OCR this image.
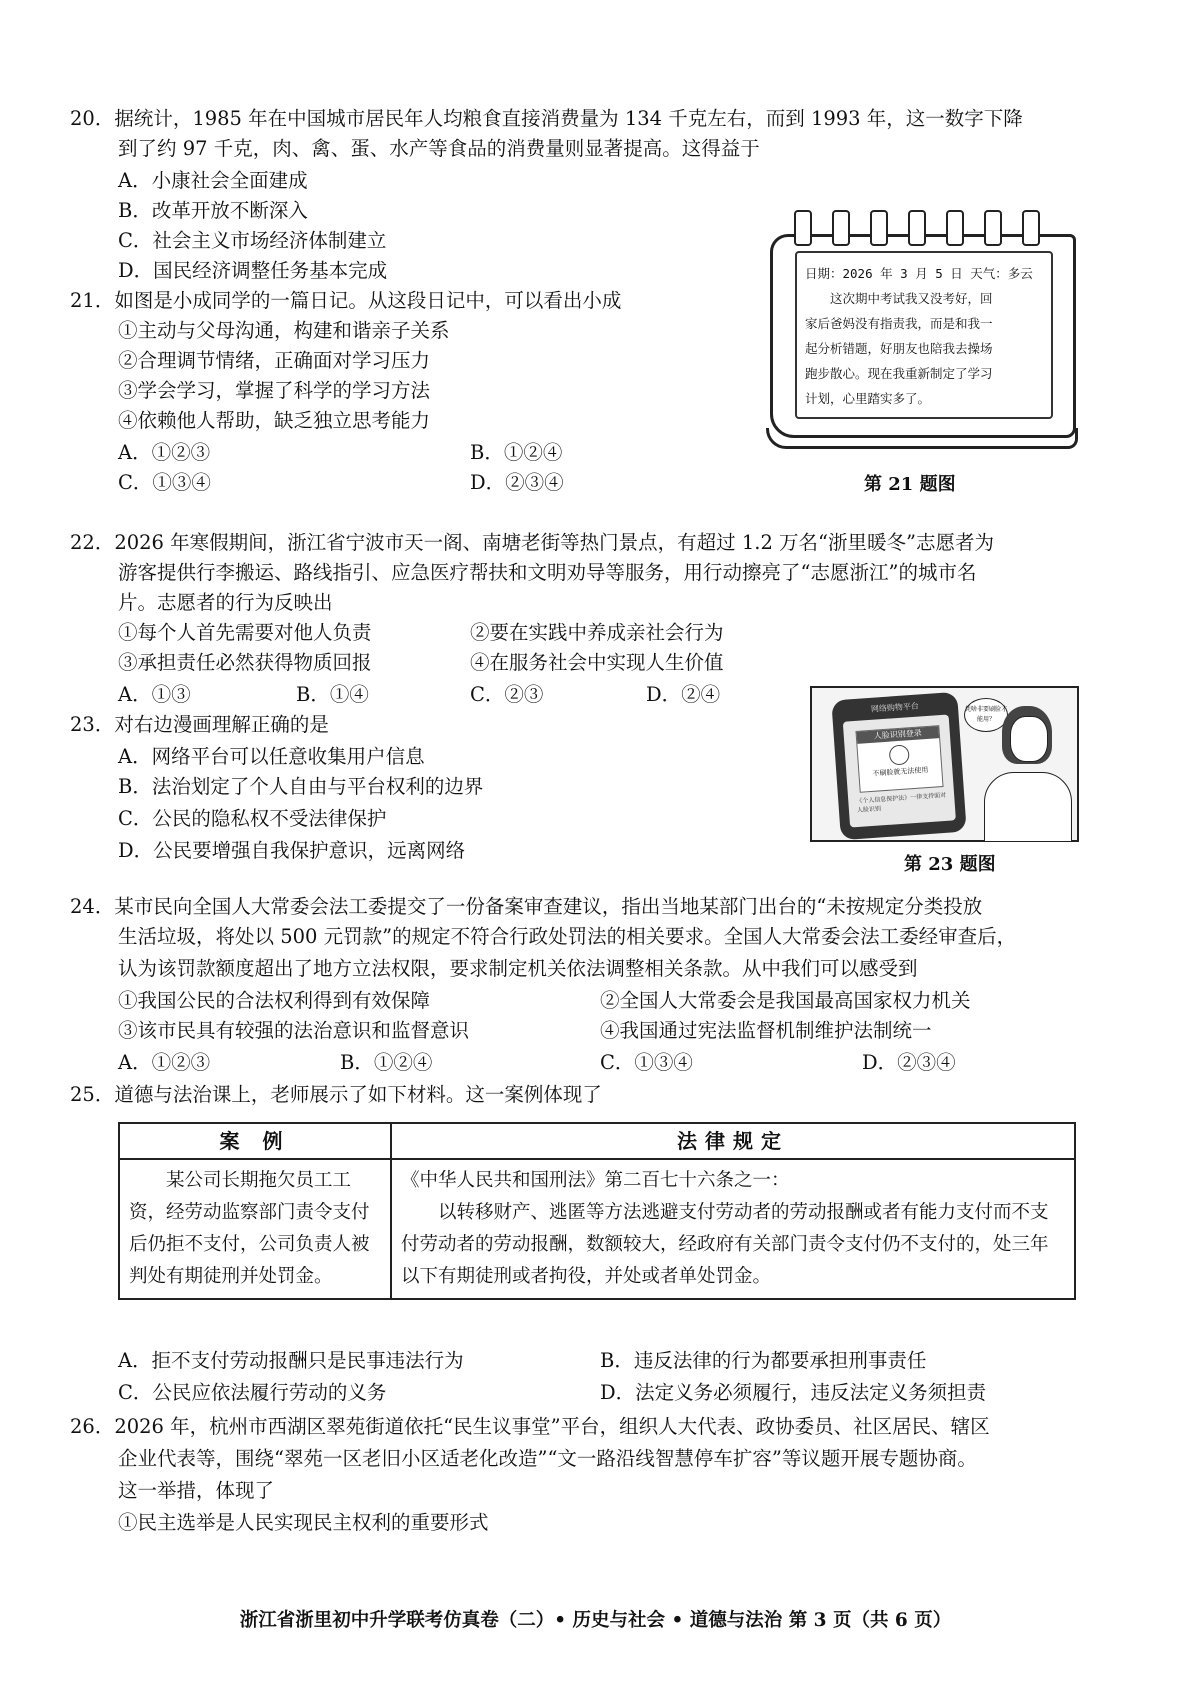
20．据统计，1985 年在中国城市居民年人均粮食直接消费量为 134 千克左右，而到 1993 年，这一数字下降
到了约 97 千克，肉、禽、蛋、水产等食品的消费量则显著提高。这得益于
A．小康社会全面建成
B．改革开放不断深入
C．社会主义市场经济体制建立
D．国民经济调整任务基本完成
21．如图是小成同学的一篇日记。从这段日记中，可以看出小成
①主动与父母沟通，构建和谐亲子关系
②合理调节情绪，正确面对学习压力
③学会学习，掌握了科学的学习方法
④依赖他人帮助，缺乏独立思考能力
A．①②③	B．①②④
C．①③④	D．②③④
日期：2026 年 3 月 5 日 天气：多云
　　这次期中考试我又没考好，回
家后爸妈没有指责我，而是和我一
起分析错题，好朋友也陪我去操场
跑步散心。现在我重新制定了学习
计划，心里踏实多了。
第 21 题图
22．2026 年寒假期间，浙江省宁波市天一阁、南塘老街等热门景点，有超过 1.2 万名“浙里暖冬”志愿者为
游客提供行李搬运、路线指引、应急医疗帮扶和文明劝导等服务，用行动擦亮了“志愿浙江”的城市名
片。志愿者的行为反映出
①每个人首先需要对他人负责	②要在实践中养成亲社会行为
③承担责任必然获得物质回报	④在服务社会中实现人生价值
A．①③	B．①④	C．②③	D．②④
23．对右边漫画理解正确的是
A．网络平台可以任意收集用户信息
B．法治划定了个人自由与平台权利的边界
C．公民的隐私权不受法律保护
D．公民要增强自我保护意识，远离网络
网络购物平台
人脸识别登录
不刷脸就无法使用
《个人信息保护法》一律支持面对人脸识别
凭啥非要刷脸才能用？
第 23 题图
24．某市民向全国人大常委会法工委提交了一份备案审查建议，指出当地某部门出台的“未按规定分类投放
生活垃圾，将处以 500 元罚款”的规定不符合行政处罚法的相关要求。全国人大常委会法工委经审查后，
认为该罚款额度超出了地方立法权限，要求制定机关依法调整相关条款。从中我们可以感受到
①我国公民的合法权利得到有效保障	②全国人大常委会是我国最高国家权力机关
③该市民具有较强的法治意识和监督意识	④我国通过宪法监督机制维护法制统一
A．①②③	B．①②④	C．①③④	D．②③④
25．道德与法治课上，老师展示了如下材料。这一案例体现了
案 例	法律规定

　　某公司长期拖欠员工工资，经劳动监察部门责令支付后仍拒不支付，公司负责人被判处有期徒刑并处罚金。	《中华人民共和国刑法》第二百七十六条之一：
　　以转移财产、逃匿等方法逃避支付劳动者的劳动报酬或者有能力支付而不支付劳动者的劳动报酬，数额较大，经政府有关部门责令支付仍不支付的，处三年以下有期徒刑或者拘役，并处或者单处罚金。
A．拒不支付劳动报酬只是民事违法行为	B．违反法律的行为都要承担刑事责任
C．公民应依法履行劳动的义务	D．法定义务必须履行，违反法定义务须担责
26．2026 年，杭州市西湖区翠苑街道依托“民生议事堂”平台，组织人大代表、政协委员、社区居民、辖区
企业代表等，围绕“翠苑一区老旧小区适老化改造”“文一路沿线智慧停车扩容”等议题开展专题协商。
这一举措，体现了
①民主选举是人民实现民主权利的重要形式
浙江省浙里初中升学联考仿真卷（二）• 历史与社会 • 道德与法治 第 3 页（共 6 页）
